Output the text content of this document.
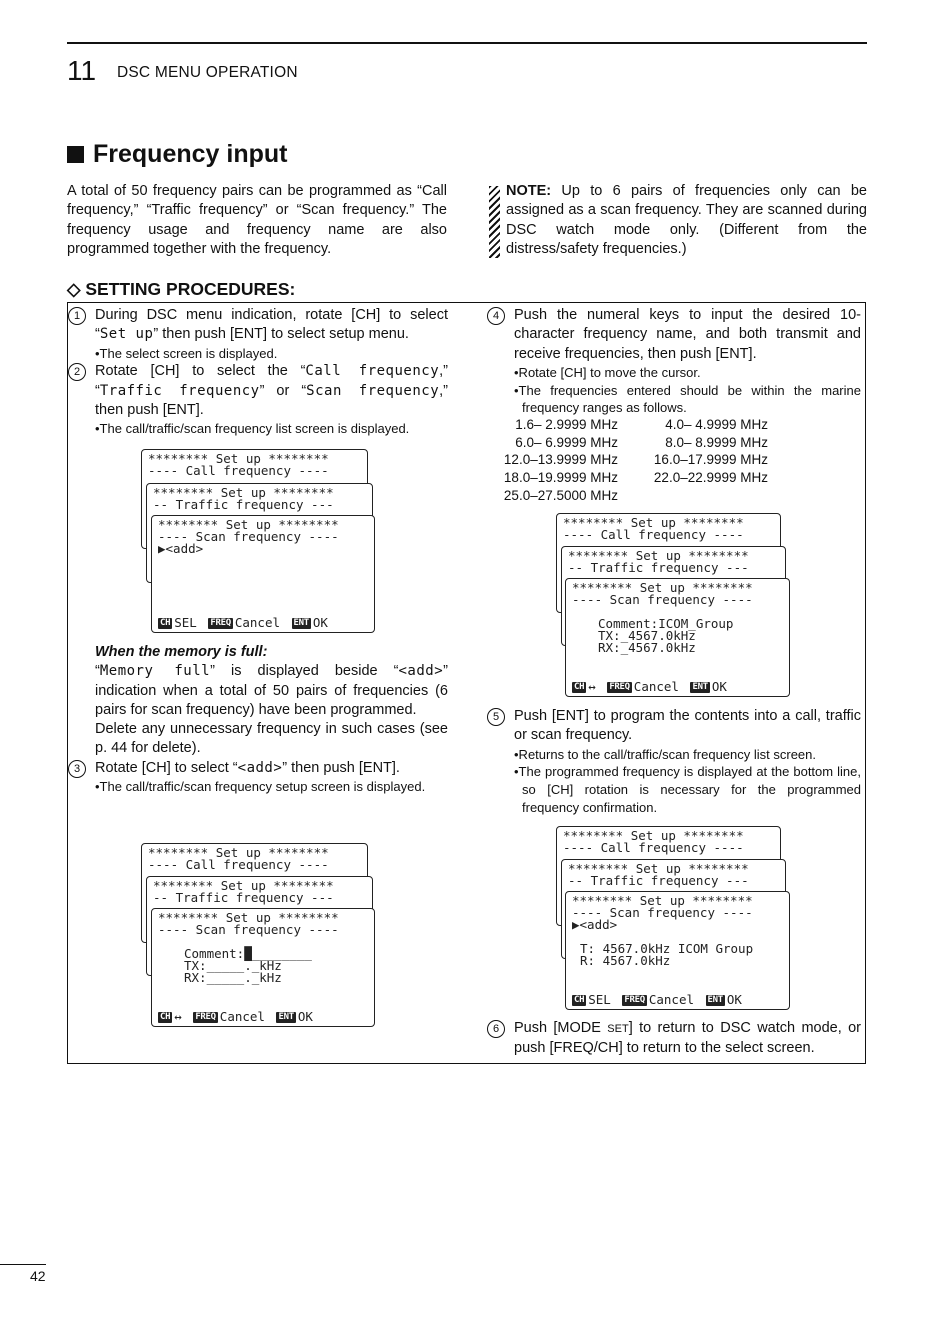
11 DSC MENU OPERATION
Frequency input

A total of 50 frequency pairs can be programmed as “Call frequency,” “Traffic frequency” or “Scan frequency.” The frequency usage and frequency name are also programmed together with the frequency.

NOTE: Up to 6 pairs of frequencies only can be assigned as a scan frequency. They are scanned during DSC watch mode only. (Different from the distress/safety frequencies.)

◇ SETTING PROCEDURES:
1	During DSC menu indication, rotate [CH] to select “Set up” then push [ENT] to select setup menu.
•The select screen is displayed.
2	Rotate [CH] to select the “Call frequency,” “Traffic frequency” or “Scan frequency,” then push [ENT].
•The call/traffic/scan frequency list screen is displayed.
******** Set up ********
---- Call frequency ----
******** Set up ********
-- Traffic frequency ---
******** Set up ********
---- Scan frequency ----
▶<add>

CH SEL
FREQ Cancel
ENT OK

When the memory is full:
“Memory full” is displayed beside “<add>” indication when a total of 50 pairs of frequencies (6 pairs for scan frequency) have been programmed.
Delete any unnecessary frequency in such cases (see p. 44 for delete).
3	Rotate [CH] to select “<add>” then push [ENT].
•The call/traffic/scan frequency setup screen is displayed.
******** Set up ********
---- Call frequency ----
******** Set up ********
-- Traffic frequency ---
******** Set up ********
---- Scan frequency ----
Comment:█________
TX:_____._kHz
RX:_____._kHz

CH ↔
FREQ Cancel
ENT OK

4	Push the numeral keys to input the desired 10-character frequency name, and both transmit and receive frequencies, then push [ENT].
•Rotate [CH] to move the cursor.
•The frequencies entered should be within the marine frequency ranges as follows.
1.6– 2.9999 MHz	4.0– 4.9999 MHz
6.0– 6.9999 MHz	8.0– 8.9999 MHz
12.0–13.9999 MHz	16.0–17.9999 MHz
18.0–19.9999 MHz	22.0–22.9999 MHz
25.0–27.5000 MHz
******** Set up ********
---- Call frequency ----
******** Set up ********
-- Traffic frequency ---
******** Set up ********
---- Scan frequency ----
Comment:ICOM_Group
TX:_4567.0kHz
RX:_4567.0kHz

CH ↔
FREQ Cancel
ENT OK

5	Push [ENT] to program the contents into a call, traffic or scan frequency.
•Returns to the call/traffic/scan frequency list screen.
•The programmed frequency is displayed at the bottom line, so [CH] rotation is necessary for the programmed frequency confirmation.
******** Set up ********
---- Call frequency ----
******** Set up ********
-- Traffic frequency ---
******** Set up ********
---- Scan frequency ----
▶<add>
T: 4567.0kHz ICOM Group
R: 4567.0kHz

CH SEL
FREQ Cancel
ENT OK

6	Push [MODE SET] to return to DSC watch mode, or push [FREQ/CH] to return to the select screen.
42
